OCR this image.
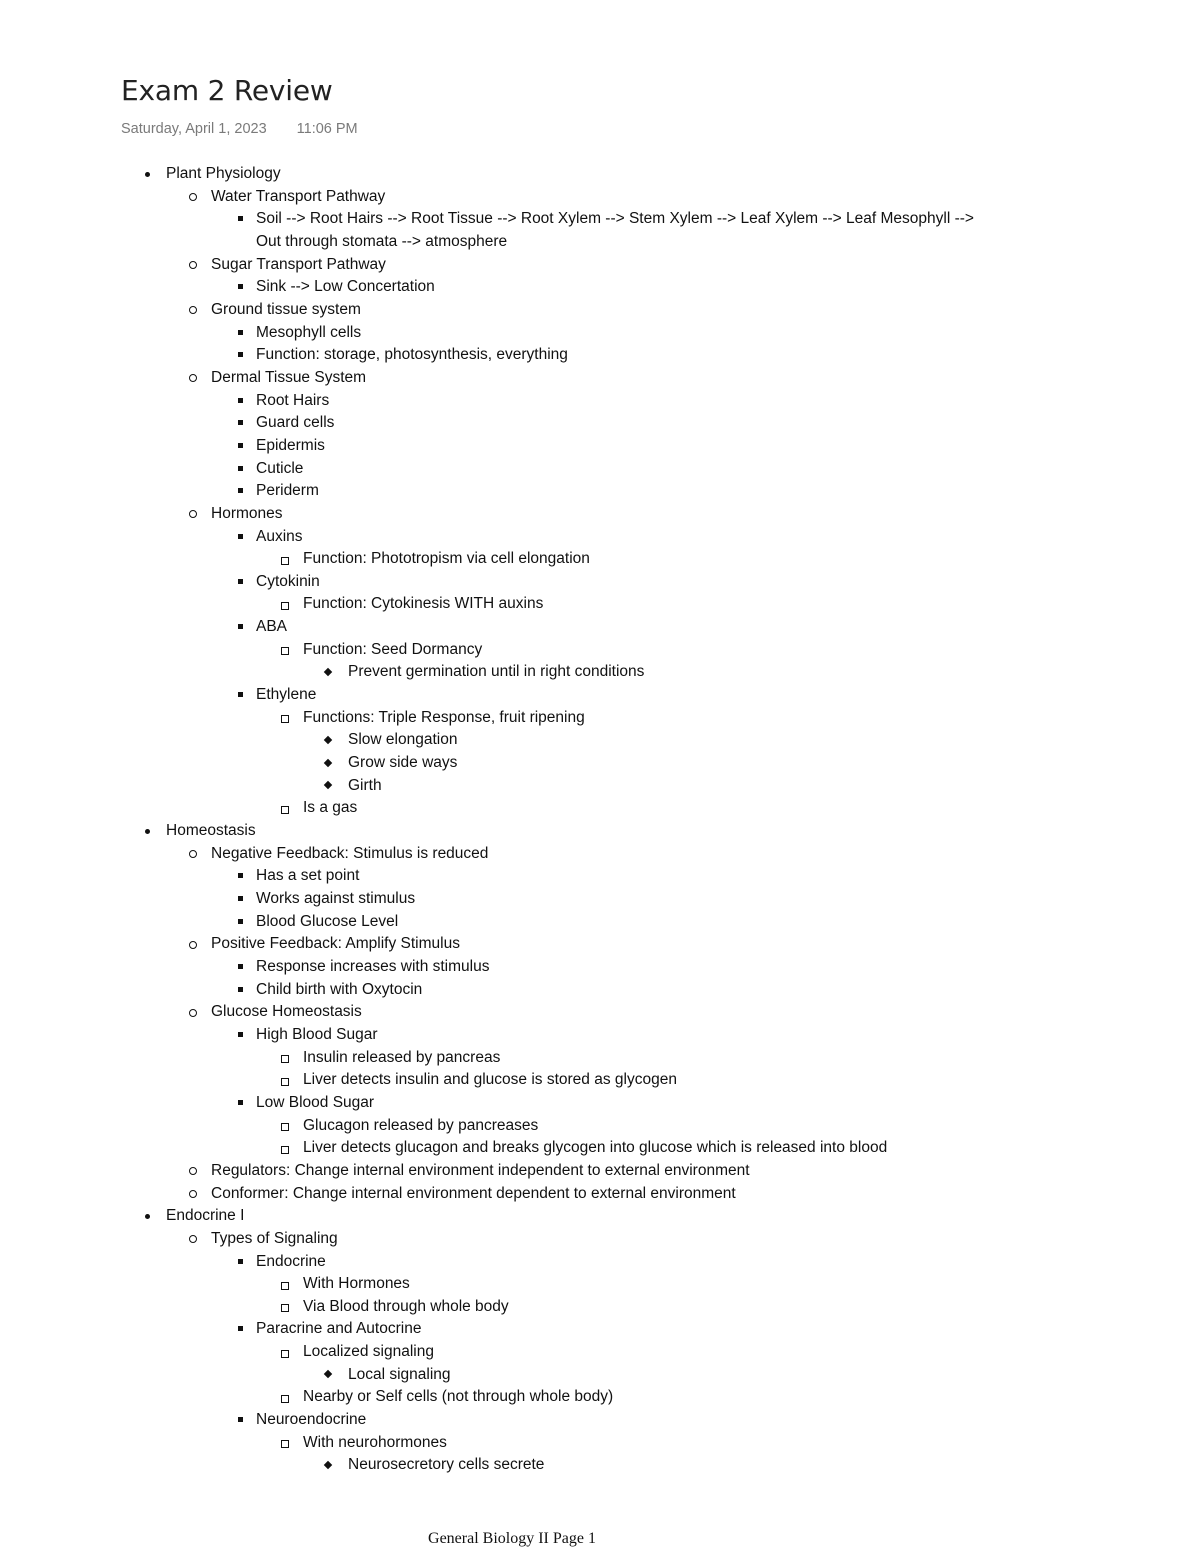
Exam 2 Review
Saturday, April 1, 2023 11:06 PM
Plant Physiology
Water Transport Pathway
Soil --> Root Hairs --> Root Tissue --> Root Xylem --> Stem Xylem --> Leaf Xylem --> Leaf Mesophyll -->
Out through stomata --> atmosphere
Sugar Transport Pathway
Sink --> Low Concertation
Ground tissue system
Mesophyll cells
Function: storage, photosynthesis, everything
Dermal Tissue System
Root Hairs
Guard cells
Epidermis
Cuticle
Periderm
Hormones
Auxins
Function: Phototropism via cell elongation
Cytokinin
Function: Cytokinesis WITH auxins
ABA
Function: Seed Dormancy
Prevent germination until in right conditions
Ethylene
Functions: Triple Response, fruit ripening
Slow elongation
Grow side ways
Girth
Is a gas
Homeostasis
Negative Feedback: Stimulus is reduced
Has a set point
Works against stimulus
Blood Glucose Level
Positive Feedback: Amplify Stimulus
Response increases with stimulus
Child birth with Oxytocin
Glucose Homeostasis
High Blood Sugar
Insulin released by pancreas
Liver detects insulin and glucose is stored as glycogen
Low Blood Sugar
Glucagon released by pancreases
Liver detects glucagon and breaks glycogen into glucose which is released into blood
Regulators: Change internal environment independent to external environment
Conformer: Change internal environment dependent to external environment
Endocrine I
Types of Signaling
Endocrine
With Hormones
Via Blood through whole body
Paracrine and Autocrine
Localized signaling
Local signaling
Nearby or Self cells (not through whole body)
Neuroendocrine
With neurohormones
Neurosecretory cells secrete
General Biology II Page 1
